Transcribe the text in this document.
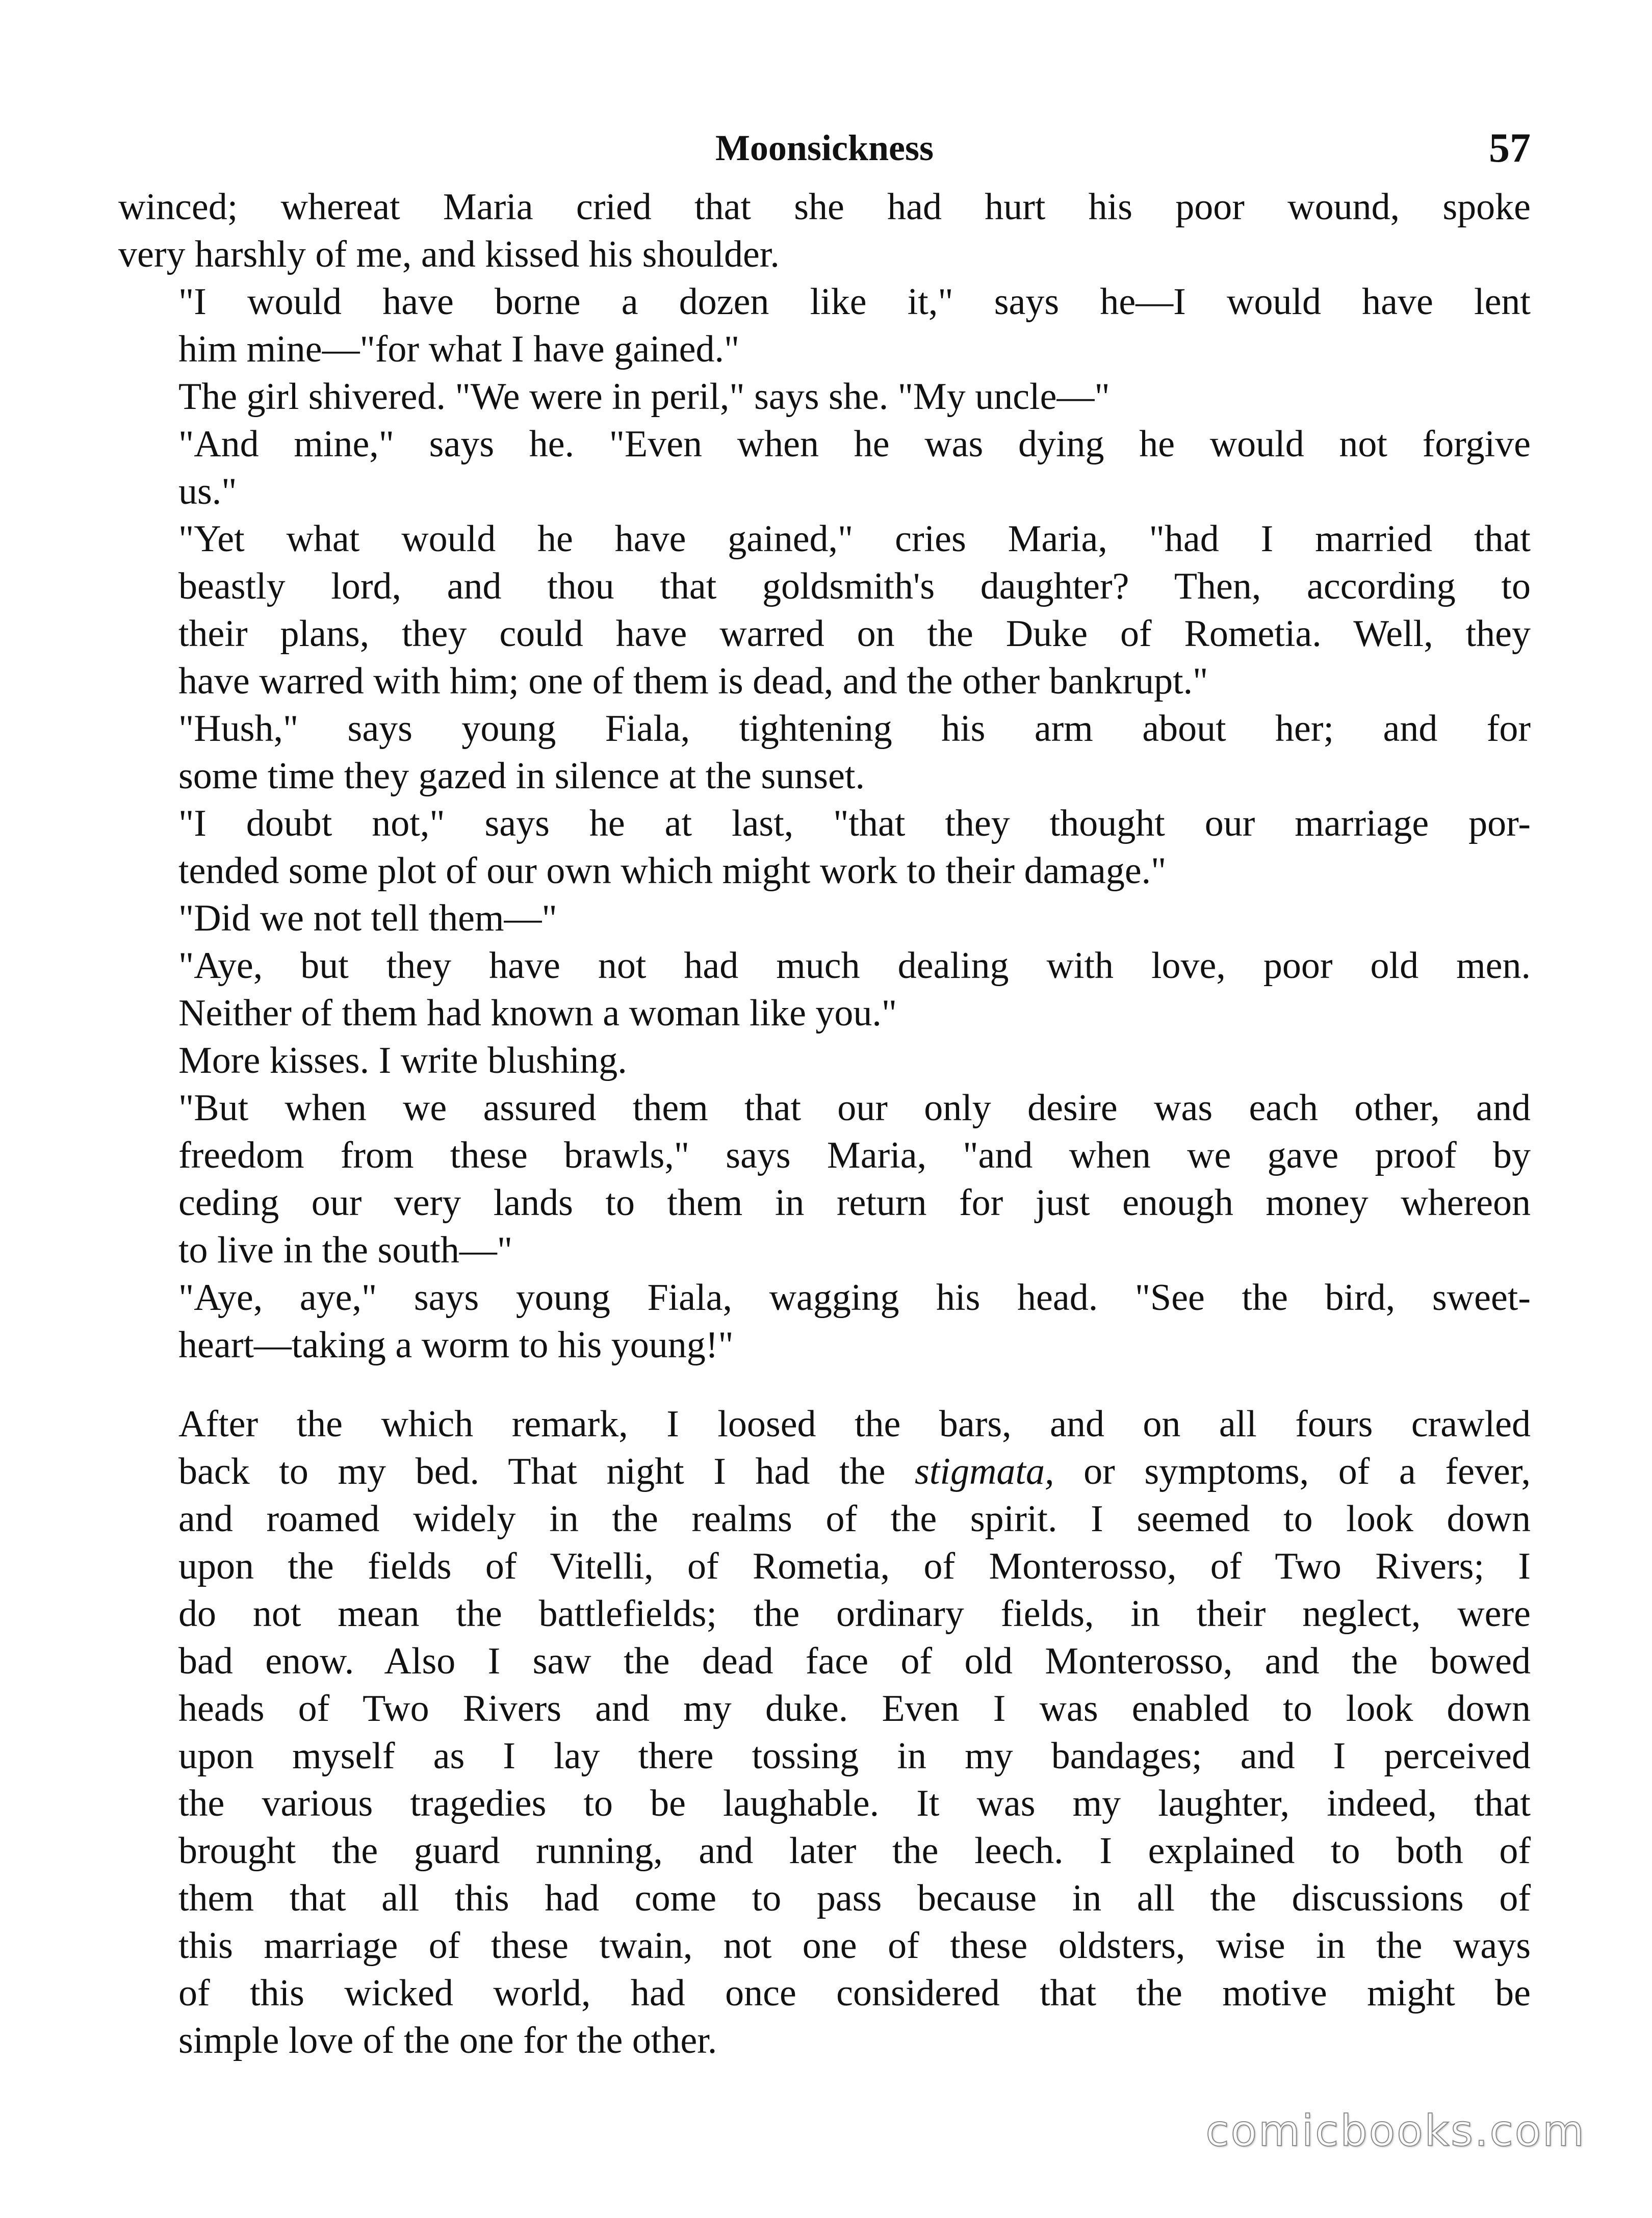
Moonsickness	57

winced; whereat Maria cried that she had hurt his poor wound, spoke
very harshly of me, and kissed his shoulder.

"I would have borne a dozen like it," says he—I would have lent
him mine—"for what I have gained."

The girl shivered. "We were in peril," says she. "My uncle—"

"And mine," says he. "Even when he was dying he would not forgive
us."

"Yet what would he have gained," cries Maria, "had I married that
beastly lord, and thou that goldsmith's daughter? Then, according to
their plans, they could have warred on the Duke of Rometia. Well, they
have warred with him; one of them is dead, and the other bankrupt."

"Hush," says young Fiala, tightening his arm about her; and for
some time they gazed in silence at the sunset.

"I doubt not," says he at last, "that they thought our marriage por-
tended some plot of our own which might work to their damage."

"Did we not tell them—"

"Aye, but they have not had much dealing with love, poor old men.
Neither of them had known a woman like you."

More kisses. I write blushing.

"But when we assured them that our only desire was each other, and
freedom from these brawls," says Maria, "and when we gave proof by
ceding our very lands to them in return for just enough money whereon
to live in the south—"

"Aye, aye," says young Fiala, wagging his head. "See the bird, sweet-
heart—taking a worm to his young!"

After the which remark, I loosed the bars, and on all fours crawled
back to my bed. That night I had the stigmata, or symptoms, of a fever,
and roamed widely in the realms of the spirit. I seemed to look down
upon the fields of Vitelli, of Rometia, of Monterosso, of Two Rivers; I
do not mean the battlefields; the ordinary fields, in their neglect, were
bad enow. Also I saw the dead face of old Monterosso, and the bowed
heads of Two Rivers and my duke. Even I was enabled to look down
upon myself as I lay there tossing in my bandages; and I perceived
the various tragedies to be laughable. It was my laughter, indeed, that
brought the guard running, and later the leech. I explained to both of
them that all this had come to pass because in all the discussions of
this marriage of these twain, not one of these oldsters, wise in the ways
of this wicked world, had once considered that the motive might be
simple love of the one for the other.

comicbooks.com
